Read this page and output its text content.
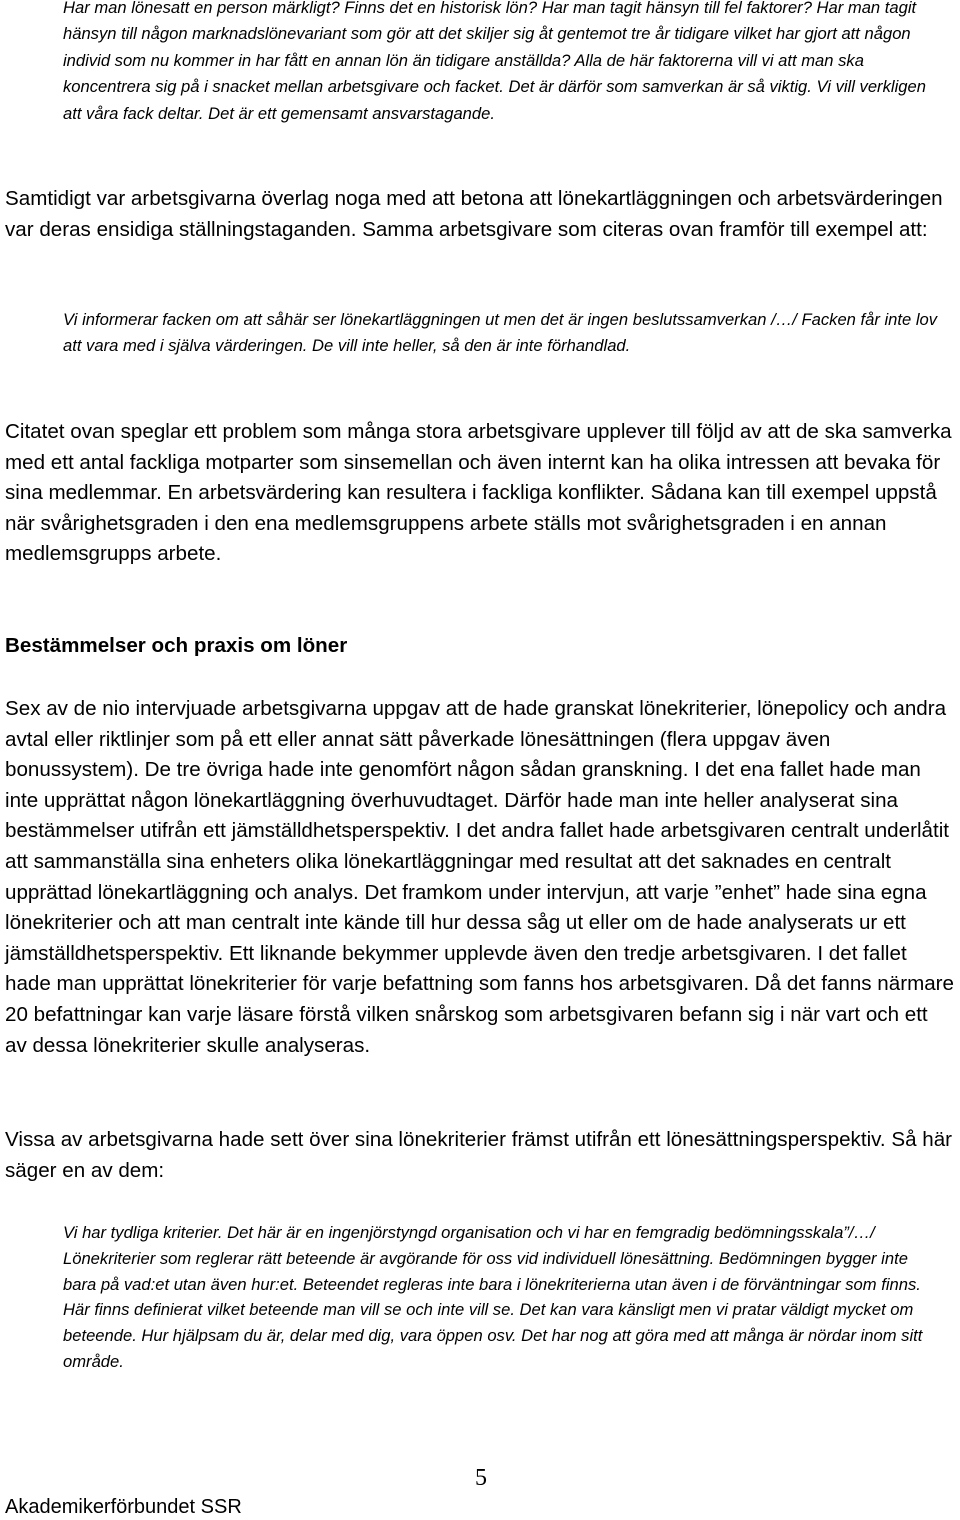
Har man lönesatt en person märkligt? Finns det en historisk lön? Har man tagit hänsyn till fel faktorer? Har man tagit hänsyn till någon marknadslönevariant som gör att det skiljer sig åt gentemot tre år tidigare vilket har gjort att någon individ som nu kommer in har fått en annan lön än tidigare anställda? Alla de här faktorerna vill vi att man ska koncentrera sig på i snacket mellan arbetsgivare och facket. Det är därför som samverkan är så viktig. Vi vill verkligen att våra fack deltar. Det är ett gemensamt ansvarstagande.

Samtidigt var arbetsgivarna överlag noga med att betona att lönekartläggningen och arbetsvärderingen var deras ensidiga ställningstaganden. Samma arbetsgivare som citeras ovan framför till exempel att:

Vi informerar facken om att såhär ser lönekartläggningen ut men det är ingen beslutssamverkan /…/ Facken får inte lov att vara med i själva värderingen. De vill inte heller, så den är inte förhandlad.

Citatet ovan speglar ett problem som många stora arbetsgivare upplever till följd av att de ska samverka med ett antal fackliga motparter som sinsemellan och även internt kan ha olika intressen att bevaka för sina medlemmar. En arbetsvärdering kan resultera i fackliga konflikter. Sådana kan till exempel uppstå när svårighetsgraden i den ena medlemsgruppens arbete ställs mot svårighetsgraden i en annan medlemsgrupps arbete.

Bestämmelser och praxis om löner

Sex av de nio intervjuade arbetsgivarna uppgav att de hade granskat lönekriterier, lönepolicy och andra avtal eller riktlinjer som på ett eller annat sätt påverkade lönesättningen (flera uppgav även bonussystem). De tre övriga hade inte genomfört någon sådan granskning. I det ena fallet hade man inte upprättat någon lönekartläggning överhuvudtaget. Därför hade man inte heller analyserat sina bestämmelser utifrån ett jämställdhetsperspektiv. I det andra fallet hade arbetsgivaren centralt underlåtit att sammanställa sina enheters olika lönekartläggningar med resultat att det saknades en centralt upprättad lönekartläggning och analys. Det framkom under intervjun, att varje ”enhet” hade sina egna lönekriterier och att man centralt inte kände till hur dessa såg ut eller om de hade analyserats ur ett jämställdhetsperspektiv. Ett liknande bekymmer upplevde även den tredje arbetsgivaren. I det fallet hade man upprättat lönekriterier för varje befattning som fanns hos arbetsgivaren. Då det fanns närmare 20 befattningar kan varje läsare förstå vilken snårskog som arbetsgivaren befann sig i när vart och ett av dessa lönekriterier skulle analyseras.

Vissa av arbetsgivarna hade sett över sina lönekriterier främst utifrån ett lönesättningsperspektiv. Så här säger en av dem:

Vi har tydliga kriterier. Det här är en ingenjörstyngd organisation och vi har en femgradig bedömningsskala”/…/ Lönekriterier som reglerar rätt beteende är avgörande för oss vid individuell lönesättning. Bedömningen bygger inte bara på vad:et utan även hur:et. Beteendet regleras inte bara i lönekriterierna utan även i de förväntningar som finns. Här finns definierat vilket beteende man vill se och inte vill se. Det kan vara känsligt men vi pratar väldigt mycket om beteende. Hur hjälpsam du är, delar med dig, vara öppen osv. Det har nog att göra med att många är nördar inom sitt område.

5
Akademikerförbundet SSR
